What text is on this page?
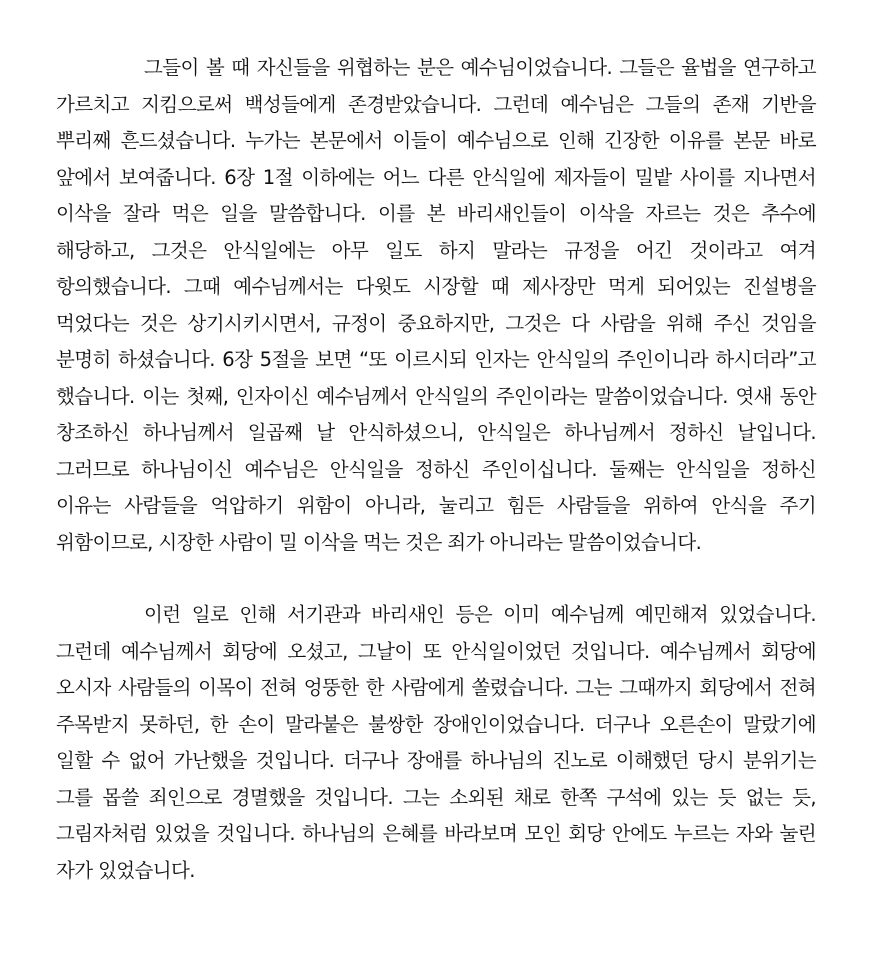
그들이 볼 때 자신들을 위협하는 분은 예수님이었습니다. 그들은 율법을 연구하고 가르치고 지킴으로써 백성들에게 존경받았습니다. 그런데 예수님은 그들의 존재 기반을 뿌리째 흔드셨습니다. 누가는 본문에서 이들이 예수님으로 인해 긴장한 이유를 본문 바로 앞에서 보여줍니다. 6장 1절 이하에는 어느 다른 안식일에 제자들이 밀밭 사이를 지나면서 이삭을 잘라 먹은 일을 말씀합니다. 이를 본 바리새인들이 이삭을 자르는 것은 추수에 해당하고, 그것은 안식일에는 아무 일도 하지 말라는 규정을 어긴 것이라고 여겨 항의했습니다. 그때 예수님께서는 다윗도 시장할 때 제사장만 먹게 되어있는 진설병을 먹었다는 것은 상기시키시면서, 규정이 중요하지만, 그것은 다 사람을 위해 주신 것임을 분명히 하셨습니다. 6장 5절을 보면 “또 이르시되 인자는 안식일의 주인이니라 하시더라”고 했습니다. 이는 첫째, 인자이신 예수님께서 안식일의 주인이라는 말씀이었습니다. 엿새 동안 창조하신 하나님께서 일곱째 날 안식하셨으니, 안식일은 하나님께서 정하신 날입니다. 그러므로 하나님이신 예수님은 안식일을 정하신 주인이십니다. 둘째는 안식일을 정하신 이유는 사람들을 억압하기 위함이 아니라, 눌리고 힘든 사람들을 위하여 안식을 주기 위함이므로, 시장한 사람이 밀 이삭을 먹는 것은 죄가 아니라는 말씀이었습니다.

이런 일로 인해 서기관과 바리새인 등은 이미 예수님께 예민해져 있었습니다. 그런데 예수님께서 회당에 오셨고, 그날이 또 안식일이었던 것입니다. 예수님께서 회당에 오시자 사람들의 이목이 전혀 엉뚱한 한 사람에게 쏠렸습니다. 그는 그때까지 회당에서 전혀 주목받지 못하던, 한 손이 말라붙은 불쌍한 장애인이었습니다. 더구나 오른손이 말랐기에 일할 수 없어 가난했을 것입니다. 더구나 장애를 하나님의 진노로 이해했던 당시 분위기는 그를 몹쓸 죄인으로 경멸했을 것입니다. 그는 소외된 채로 한쪽 구석에 있는 듯 없는 듯, 그림자처럼 있었을 것입니다. 하나님의 은혜를 바라보며 모인 회당 안에도 누르는 자와 눌린 자가 있었습니다.
